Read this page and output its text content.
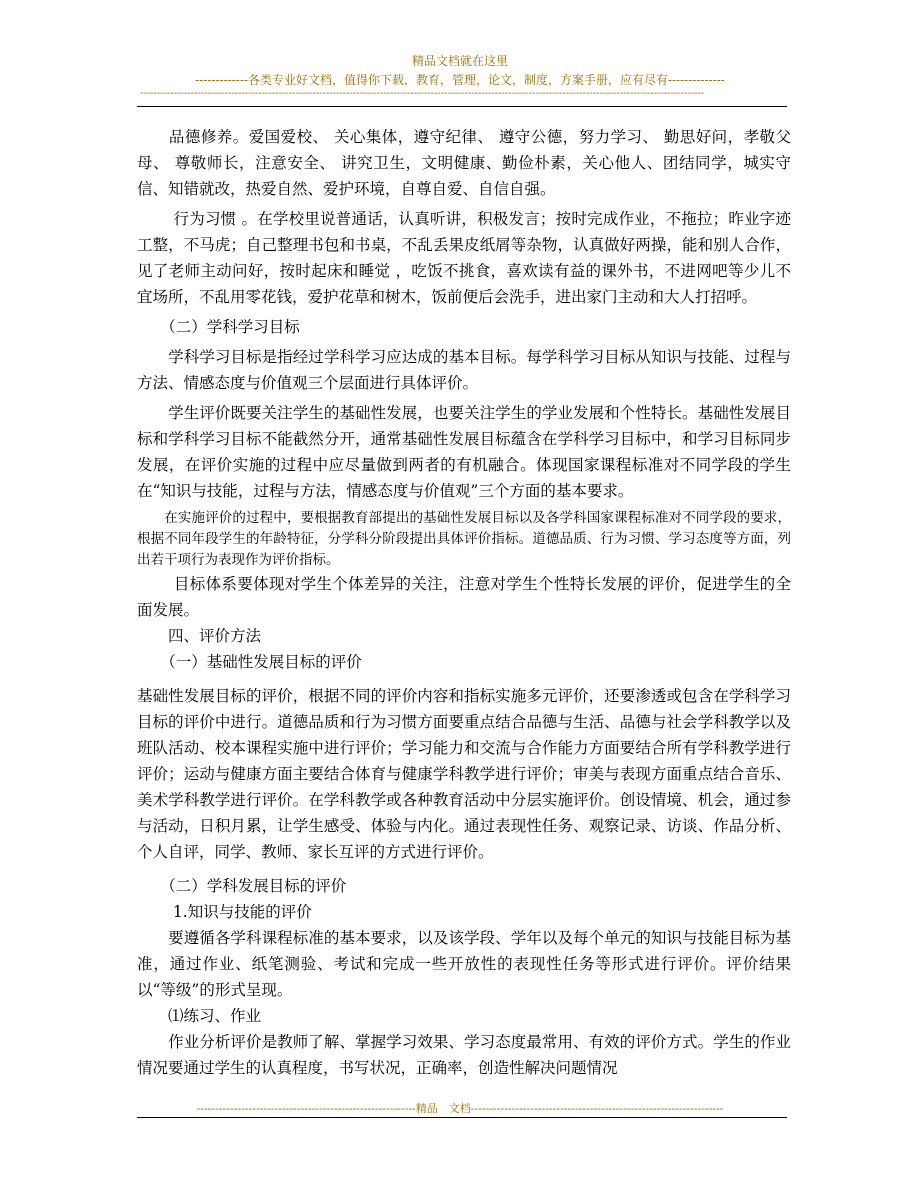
精品文档就在这里
-------------各类专业好文档，值得你下载，教育，管理，论文，制度，方案手册，应有尽有--------------
-----------------------------------------------------------------------------------------------------------------------------------------------------------------------

　　品德修养。爱国爱校、 关心集体，遵守纪律、 遵守公德，努力学习、 勤思好问，孝敬父母、 尊敬师长，注意安全、 讲究卫生，文明健康、勤俭朴素，关心他人、团结同学，城实守信、知错就改，热爱自然、爱护环境，自尊自爱、自信自强。

　　 行为习惯 。在学校里说普通话，认真听讲，积极发言；按时完成作业，不拖拉；昨业字迹工整，不马虎；自己整理书包和书桌，不乱丢果皮纸屑等杂物，认真做好两操，能和别人合作，见了老师主动问好，按时起床和睡觉 ，吃饭不挑食，喜欢读有益的课外书，不进网吧等少儿不宜场所，不乱用零花钱，爱护花草和树木，饭前便后会洗手，进出家门主动和大人打招呼。

　　（二）学科学习目标

　　学科学习目标是指经过学科学习应达成的基本目标。每学科学习目标从知识与技能、过程与方法、情感态度与价值观三个层面进行具体评价。

　　学生评价既要关注学生的基础性发展，也要关注学生的学业发展和个性特长。基础性发展目标和学科学习目标不能截然分开，通常基础性发展目标蕴含在学科学习目标中，和学习目标同步发展，在评价实施的过程中应尽量做到两者的有机融合。体现国家课程标准对不同学段的学生在“知识与技能，过程与方法，情感态度与价值观”三个方面的基本要求。

　　在实施评价的过程中，要根据教育部提出的基础性发展目标以及各学科国家课程标准对不同学段的要求，根据不同年段学生的年龄特征，分学科分阶段提出具体评价指标。道德品质、行为习惯、学习态度等方面，列出若干项行为表现作为评价指标。

　　 目标体系要体现对学生个体差异的关注，注意对学生个性特长发展的评价，促进学生的全面发展。

　　四、评价方法

　　（一）基础性发展目标的评价

基础性发展目标的评价，根据不同的评价内容和指标实施多元评价，还要渗透或包含在学科学习目标的评价中进行。道德品质和行为习惯方面要重点结合品德与生活、品德与社会学科教学以及班队活动、校本课程实施中进行评价；学习能力和交流与合作能力方面要结合所有学科教学进行评价；运动与健康方面主要结合体育与健康学科教学进行评价；审美与表现方面重点结合音乐、美术学科教学进行评价。在学科教学或各种教育活动中分层实施评价。创设情境、机会，通过参与活动，日积月累，让学生感受、体验与内化。通过表现性任务、观察记录、访谈、作品分析、个人自评，同学、教师、家长互评的方式进行评价。

　　（二）学科发展目标的评价

　　 1.知识与技能的评价

　　要遵循各学科课程标准的基本要求，以及该学段、学年以及每个单元的知识与技能目标为基准，通过作业、纸笔测验、考试和完成一些开放性的表现性任务等形式进行评价。评价结果以“等级”的形式呈现。

　　⑴练习、作业

　　作业分析评价是教师了解、掌握学习效果、学习态度最常用、有效的评价方式。学生的作业情况要通过学生的认真程度，书写状况，正确率，创造性解决问题情况

-----------------------------------------------------------精品　文档--------------------------------------------------------------------
